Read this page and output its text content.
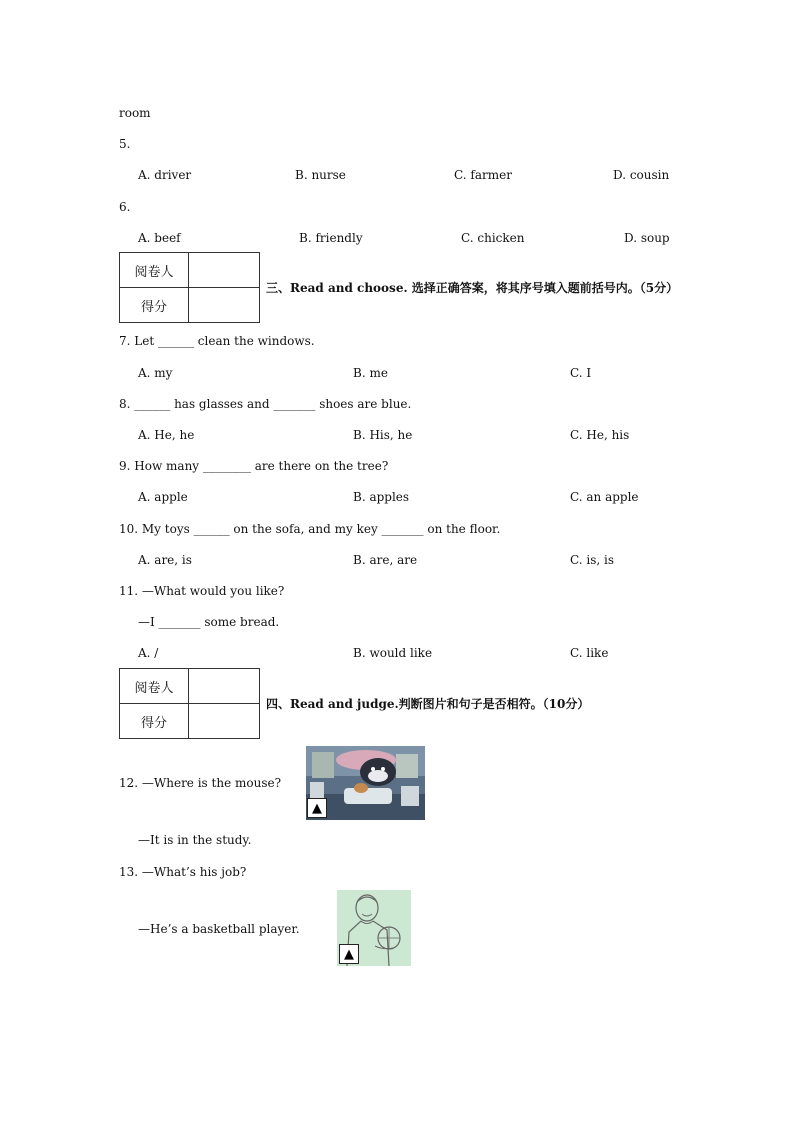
room
5.
A. driver	B. nurse	C. farmer	D. cousin
6.
A. beef	B. friendly	C. chicken	D. soup
阅卷人	
得分	
三、Read and choose. 选择正确答案，将其序号填入题前括号内。（5分）
7. Let ______ clean the windows.
A. my	B. me	C. I
8. ______ has glasses and _______ shoes are blue.
A. He, he	B. His, he	C. He, his
9. How many ________ are there on the tree?
A. apple	B. apples	C. an apple
10. My toys ______ on the sofa, and my key _______ on the floor.
A. are, is	B. are, are	C. is, is
11. —What would you like?
—I _______ some bread.
A. /	B. would like	C. like
阅卷人	
得分	
四、Read and judge.判断图片和句子是否相符。（10分）
12. —Where is the mouse?
▲
—It is in the study.
13. —What’s his job?
▲
—He’s a basketball player.
